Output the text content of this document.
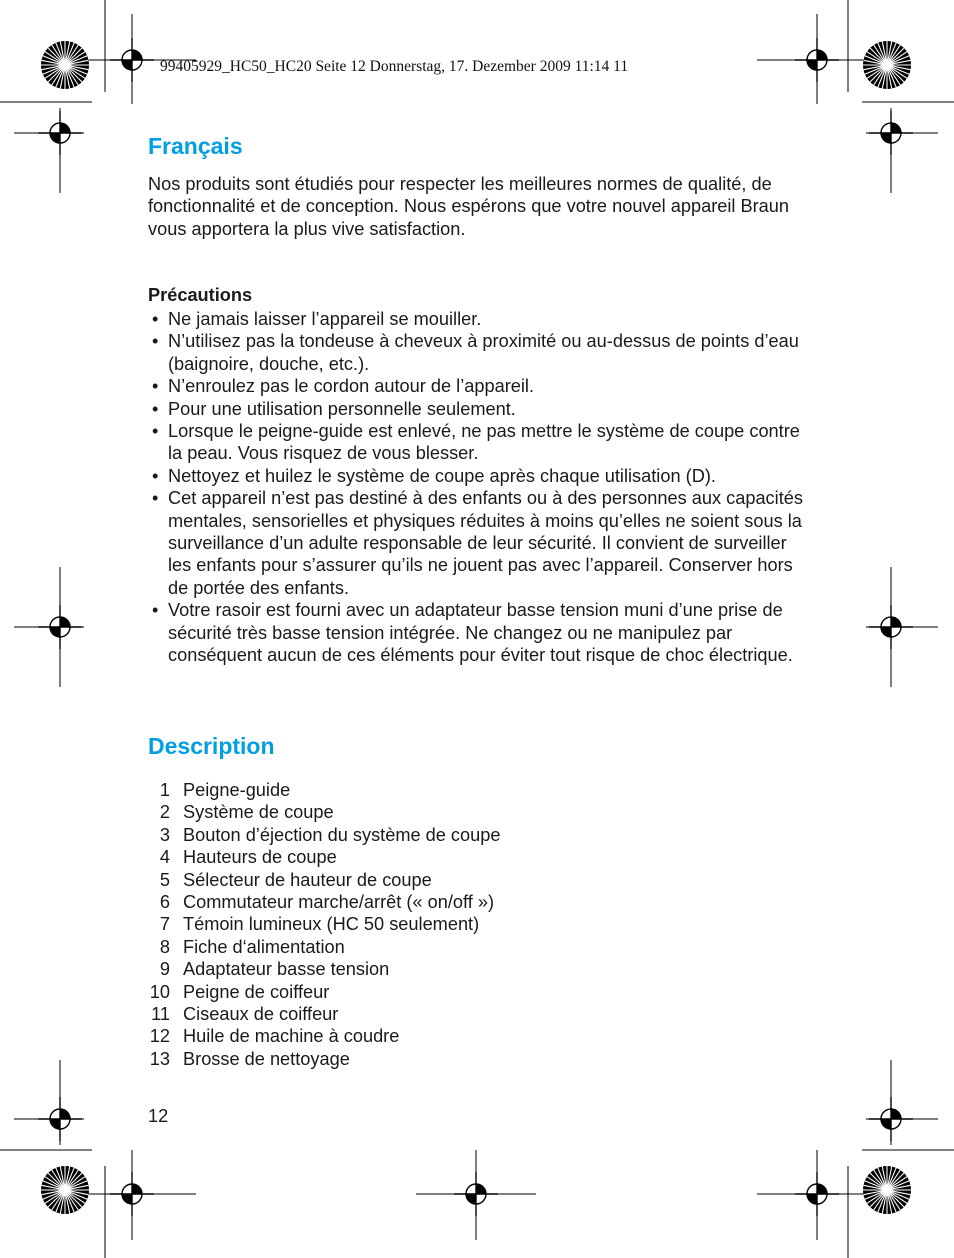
99405929_HC50_HC20 Seite 12 Donnerstag, 17. Dezember 2009 11:14 11
Français

Nos produits sont étudiés pour respecter les meilleures normes de qualité, de fonctionnalité et de conception. Nous espérons que votre nouvel appareil Braun vous apportera la plus vive satisfaction.

Précautions
• Ne jamais laisser l’appareil se mouiller.
• N’utilisez pas la tondeuse à cheveux à proximité ou au-dessus de points d’eau (baignoire, douche, etc.).
• N’enroulez pas le cordon autour de l’appareil.
• Pour une utilisation personnelle seulement.
• Lorsque le peigne-guide est enlevé, ne pas mettre le système de coupe contre la peau. Vous risquez de vous blesser.
• Nettoyez et huilez le système de coupe après chaque utilisation (D).
• Cet appareil n’est pas destiné à des enfants ou à des personnes aux capacités mentales, sensorielles et physiques réduites à moins qu’elles ne soient sous la surveillance d’un adulte responsable de leur sécurité. Il convient de surveiller les enfants pour s’assurer qu’ils ne jouent pas avec l’appareil. Conserver hors de portée des enfants.
• Votre rasoir est fourni avec un adaptateur basse tension muni d’une prise de sécurité très basse tension intégrée. Ne changez ou ne manipulez par conséquent aucun de ces éléments pour éviter tout risque de choc électrique.
Description
1 Peigne-guide
2 Système de coupe
3 Bouton d’éjection du système de coupe
4 Hauteurs de coupe
5 Sélecteur de hauteur de coupe
6 Commutateur marche/arrêt (« on/off »)
7 Témoin lumineux (HC 50 seulement)
8 Fiche d‘alimentation
9 Adaptateur basse tension
10 Peigne de coiffeur
11 Ciseaux de coiffeur
12 Huile de machine à coudre
13 Brosse de nettoyage
12
